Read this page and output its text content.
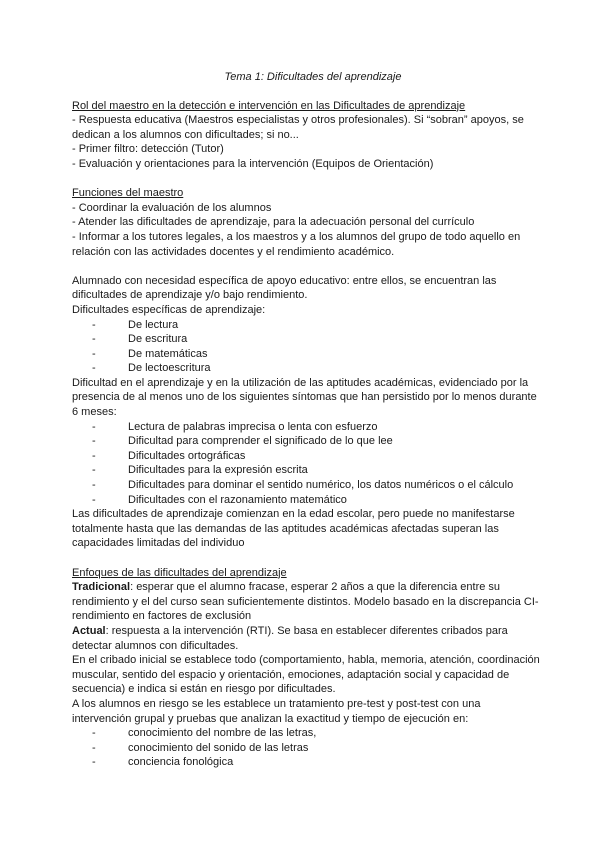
Tema 1: Dificultades del aprendizaje

Rol del maestro en la detección e intervención en las Dificultades de aprendizaje

- Respuesta educativa (Maestros especialistas y otros profesionales). Si “sobran” apoyos, se dedican a los alumnos con dificultades; si no...

- Primer filtro: detección (Tutor)

- Evaluación y orientaciones para la intervención (Equipos de Orientación)

Funciones del maestro

- Coordinar la evaluación de los alumnos

- Atender las dificultades de aprendizaje, para la adecuación personal del currículo

- Informar a los tutores legales, a los maestros y a los alumnos del grupo de todo aquello en relación con las actividades docentes y el rendimiento académico.

Alumnado con necesidad específica de apoyo educativo: entre ellos, se encuentran las dificultades de aprendizaje y/o bajo rendimiento.

Dificultades específicas de aprendizaje:

- De lectura
- De escritura
- De matemáticas
- De lectoescritura

Dificultad en el aprendizaje y en la utilización de las aptitudes académicas, evidenciado por la presencia de al menos uno de los siguientes síntomas que han persistido por lo menos durante 6 meses:

- Lectura de palabras imprecisa o lenta con esfuerzo
- Dificultad para comprender el significado de lo que lee
- Dificultades ortográficas
- Dificultades para la expresión escrita
- Dificultades para dominar el sentido numérico, los datos numéricos o el cálculo
- Dificultades con el razonamiento matemático

Las dificultades de aprendizaje comienzan en la edad escolar, pero puede no manifestarse totalmente hasta que las demandas de las aptitudes académicas afectadas superan las capacidades limitadas del individuo

Enfoques de las dificultades del aprendizaje

Tradicional: esperar que el alumno fracase, esperar 2 años a que la diferencia entre su rendimiento y el del curso sean suficientemente distintos. Modelo basado en la discrepancia CI-rendimiento en factores de exclusión

Actual: respuesta a la intervención (RTI). Se basa en establecer diferentes cribados para detectar alumnos con dificultades.

En el cribado inicial se establece todo (comportamiento, habla, memoria, atención, coordinación muscular, sentido del espacio y orientación, emociones, adaptación social y capacidad de secuencia) e indica si están en riesgo por dificultades.

A los alumnos en riesgo se les establece un tratamiento pre-test y post-test con una intervención grupal y pruebas que analizan la exactitud y tiempo de ejecución en:

- conocimiento del nombre de las letras,
- conocimiento del sonido de las letras
- conciencia fonológica
